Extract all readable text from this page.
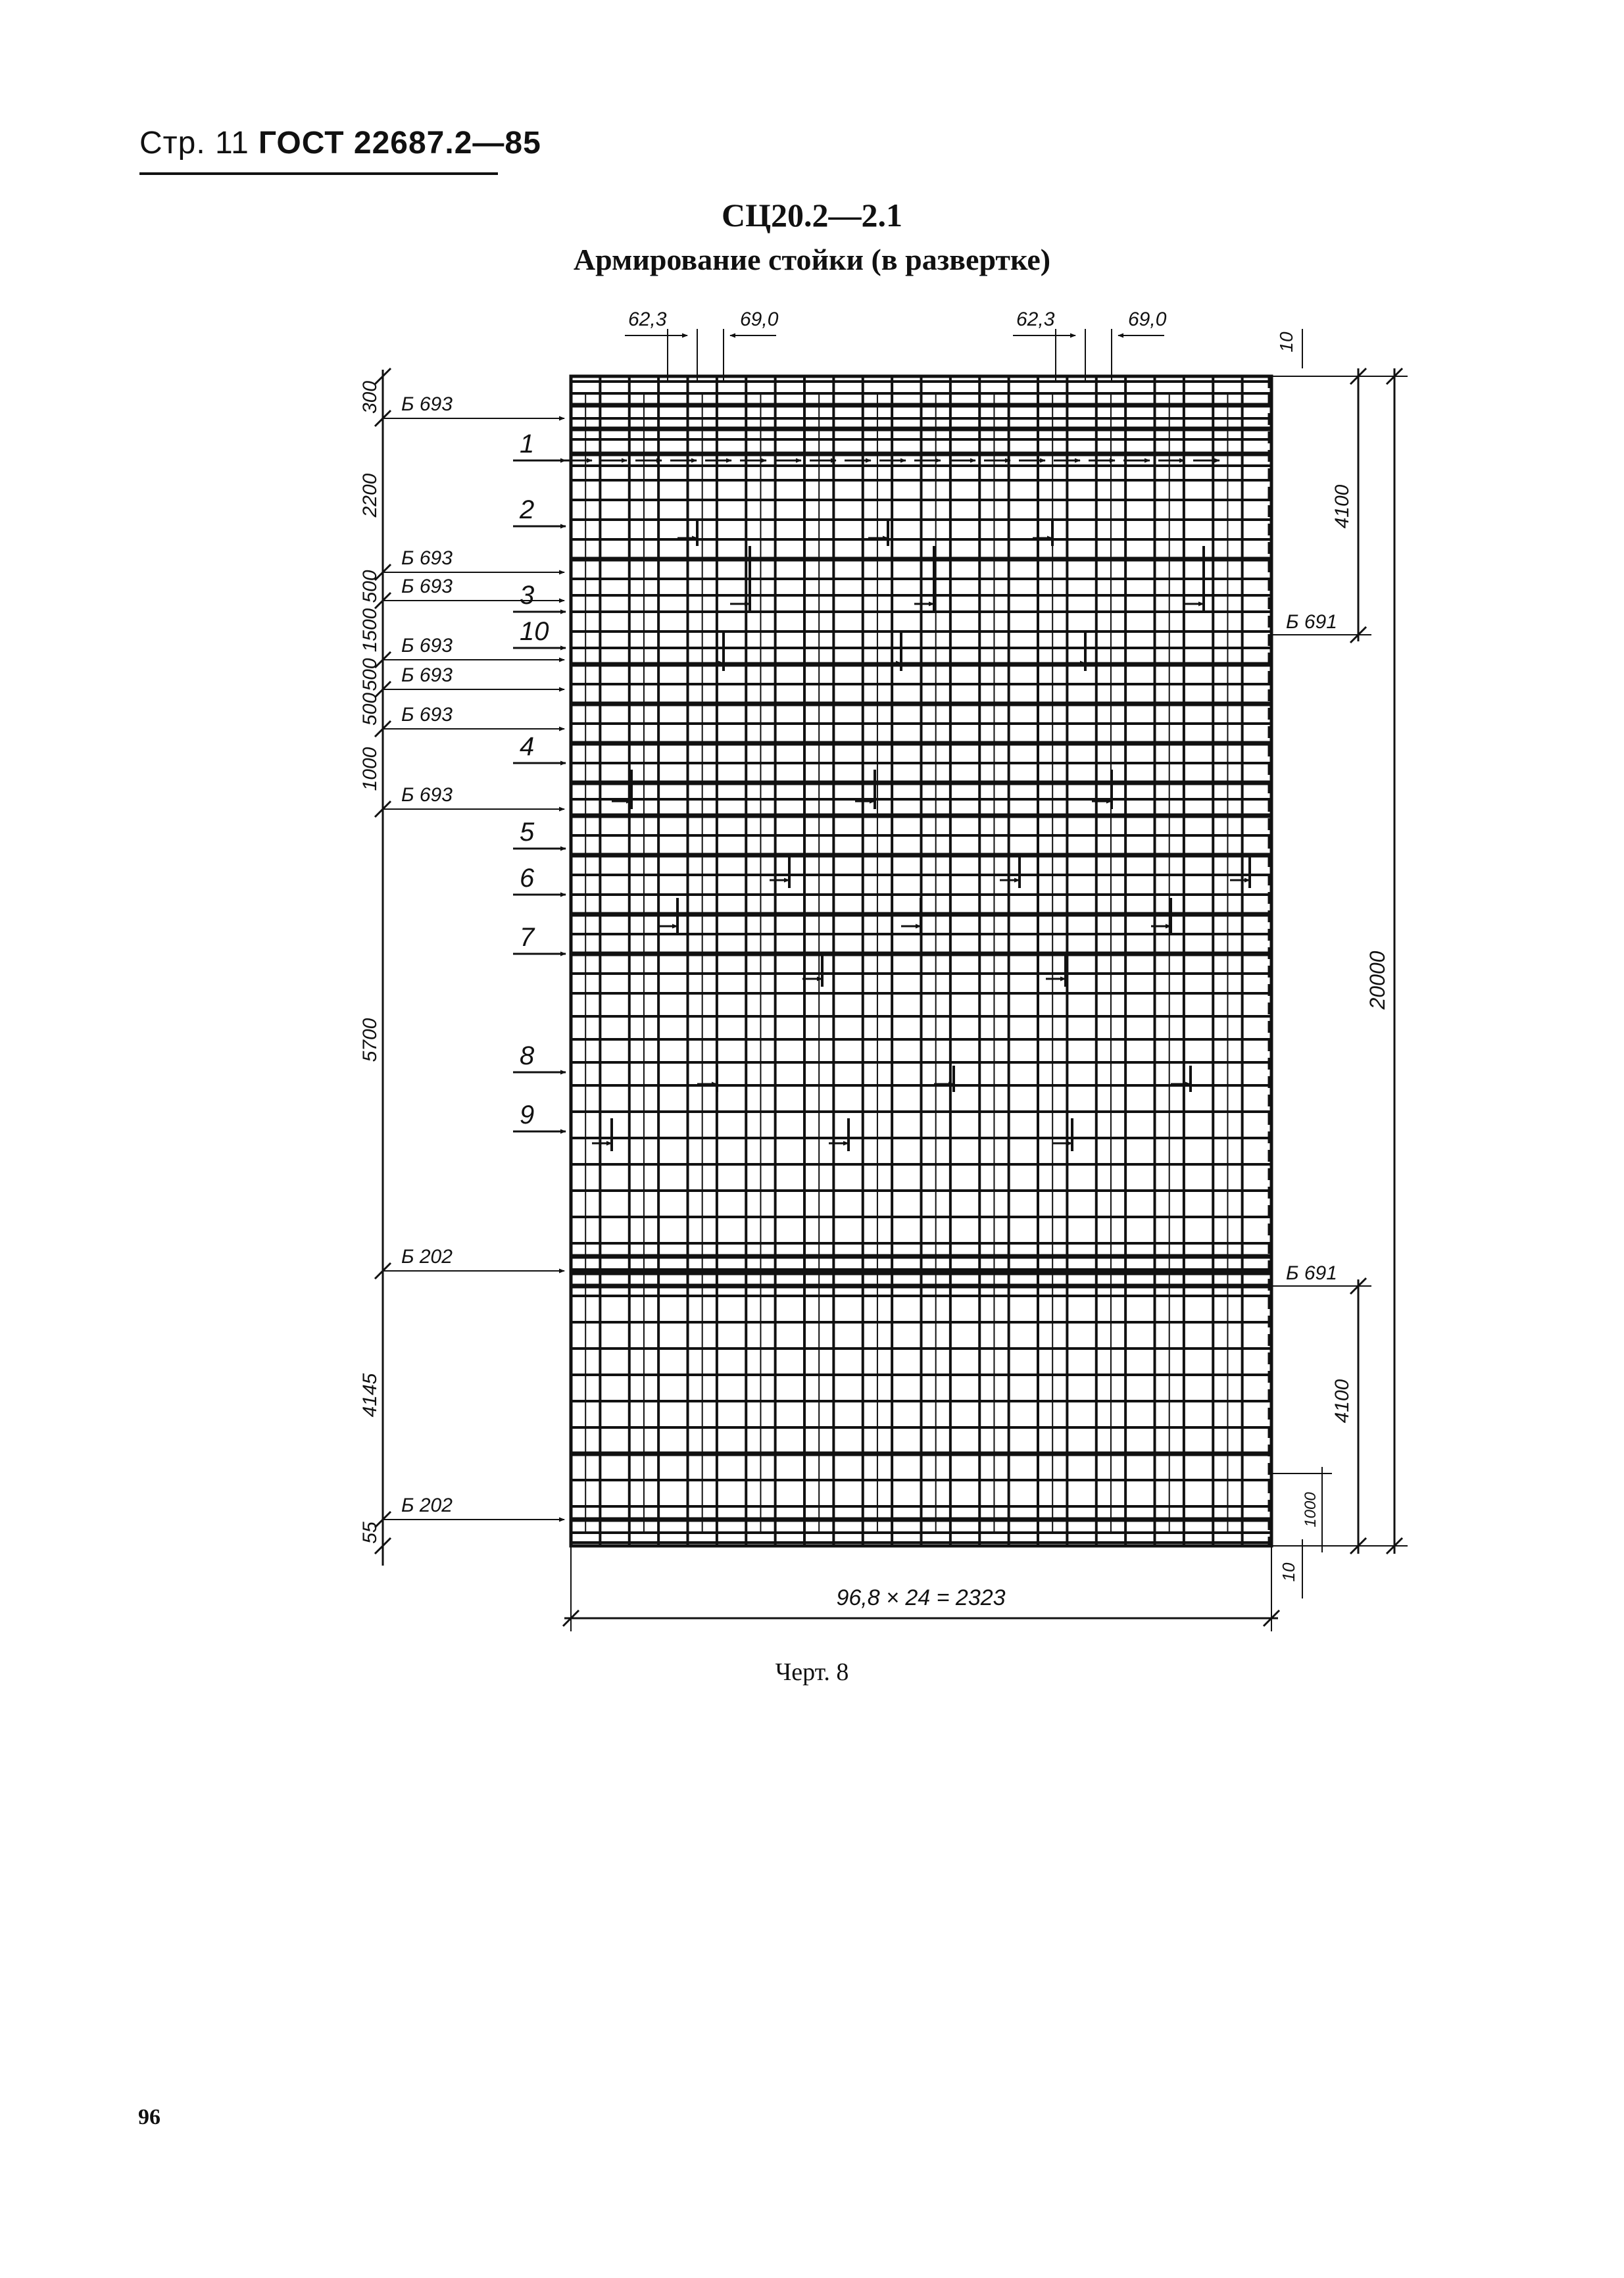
Стр. 11 ГОСТ 22687.2—85
СЦ20.2—2.1
Армирование стойки (в развертке)
1
2
3
10
4
5
6
7
8
9
300
2200
500
1500
500
500
1000
5700
4145
55
Б 693
Б 693
Б 693
Б 693
Б 693
Б 693
Б 693
Б 202
Б 202
62,3	69,0	62,3	69,0
10
4100
20000
4100
1000
10
Б 691
Б 691
96,8 × 24 = 2323
Черт. 8
96
